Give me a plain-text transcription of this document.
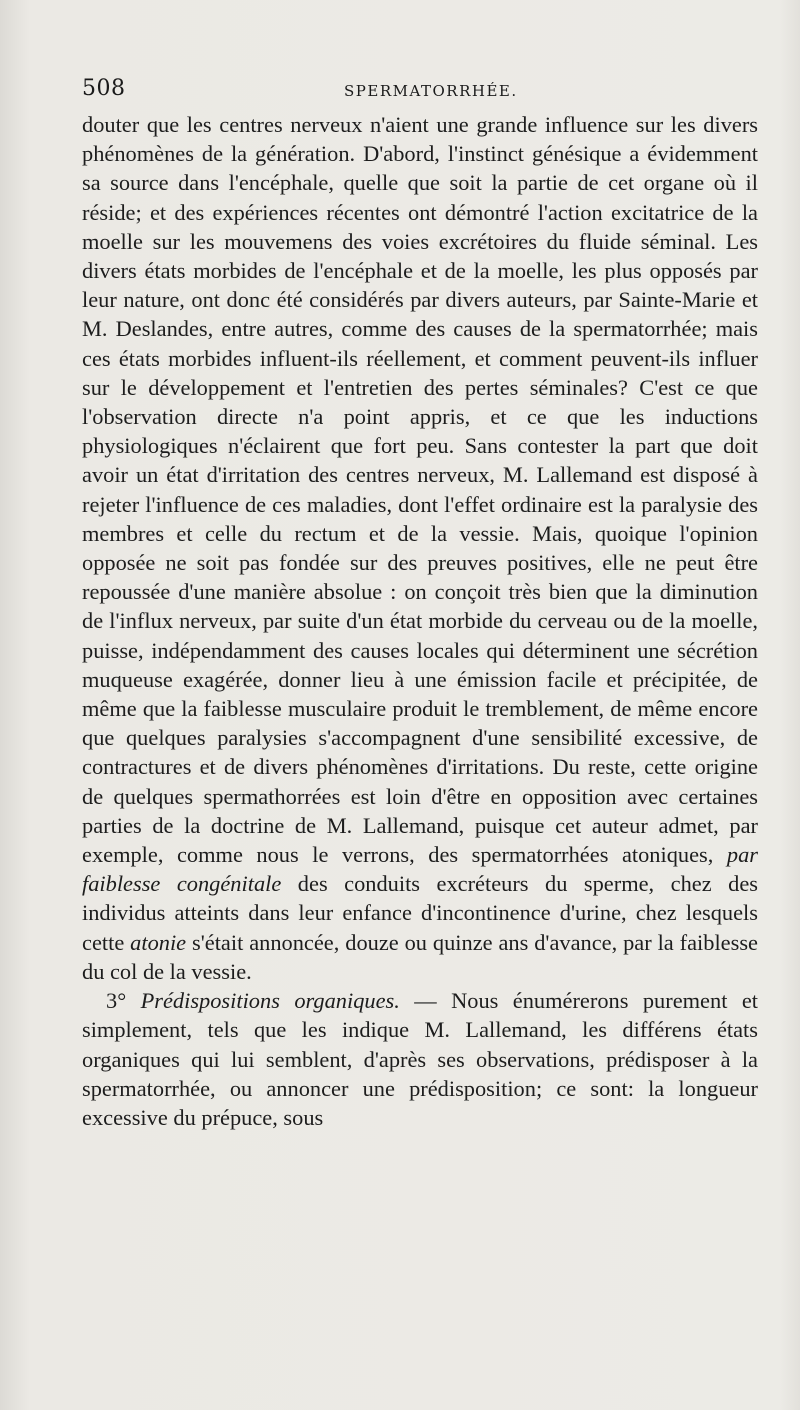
508	SPERMATORRHÉE.

douter que les centres nerveux n'aient une grande influence sur les divers phénomènes de la génération. D'abord, l'instinct génésique a évidemment sa source dans l'encéphale, quelle que soit la partie de cet organe où il réside; et des expériences récentes ont démontré l'action excitatrice de la moelle sur les mouvemens des voies excrétoires du fluide séminal. Les divers états morbides de l'encéphale et de la moelle, les plus opposés par leur nature, ont donc été considérés par divers auteurs, par Sainte-Marie et M. Deslandes, entre autres, comme des causes de la spermatorrhée; mais ces états morbides influent-ils réellement, et comment peuvent-ils influer sur le développement et l'entretien des pertes séminales? C'est ce que l'observation directe n'a point appris, et ce que les inductions physiologiques n'éclairent que fort peu. Sans contester la part que doit avoir un état d'irritation des centres nerveux, M. Lallemand est disposé à rejeter l'influence de ces maladies, dont l'effet ordinaire est la paralysie des membres et celle du rectum et de la vessie. Mais, quoique l'opinion opposée ne soit pas fondée sur des preuves positives, elle ne peut être repoussée d'une manière absolue : on conçoit très bien que la diminution de l'influx nerveux, par suite d'un état morbide du cerveau ou de la moelle, puisse, indépendamment des causes locales qui déterminent une sécrétion muqueuse exagérée, donner lieu à une émission facile et précipitée, de même que la faiblesse musculaire produit le tremblement, de même encore que quelques paralysies s'accompagnent d'une sensibilité excessive, de contractures et de divers phénomènes d'irritations. Du reste, cette origine de quelques spermathorrées est loin d'être en opposition avec certaines parties de la doctrine de M. Lallemand, puisque cet auteur admet, par exemple, comme nous le verrons, des spermatorrhées atoniques, par faiblesse congénitale des conduits excréteurs du sperme, chez des individus atteints dans leur enfance d'incontinence d'urine, chez lesquels cette atonie s'était annoncée, douze ou quinze ans d'avance, par la faiblesse du col de la vessie.

3° Prédispositions organiques. — Nous énumérerons purement et simplement, tels que les indique M. Lallemand, les différens états organiques qui lui semblent, d'après ses observations, prédisposer à la spermatorrhée, ou annoncer une prédisposition; ce sont: la longueur excessive du prépuce, sous
